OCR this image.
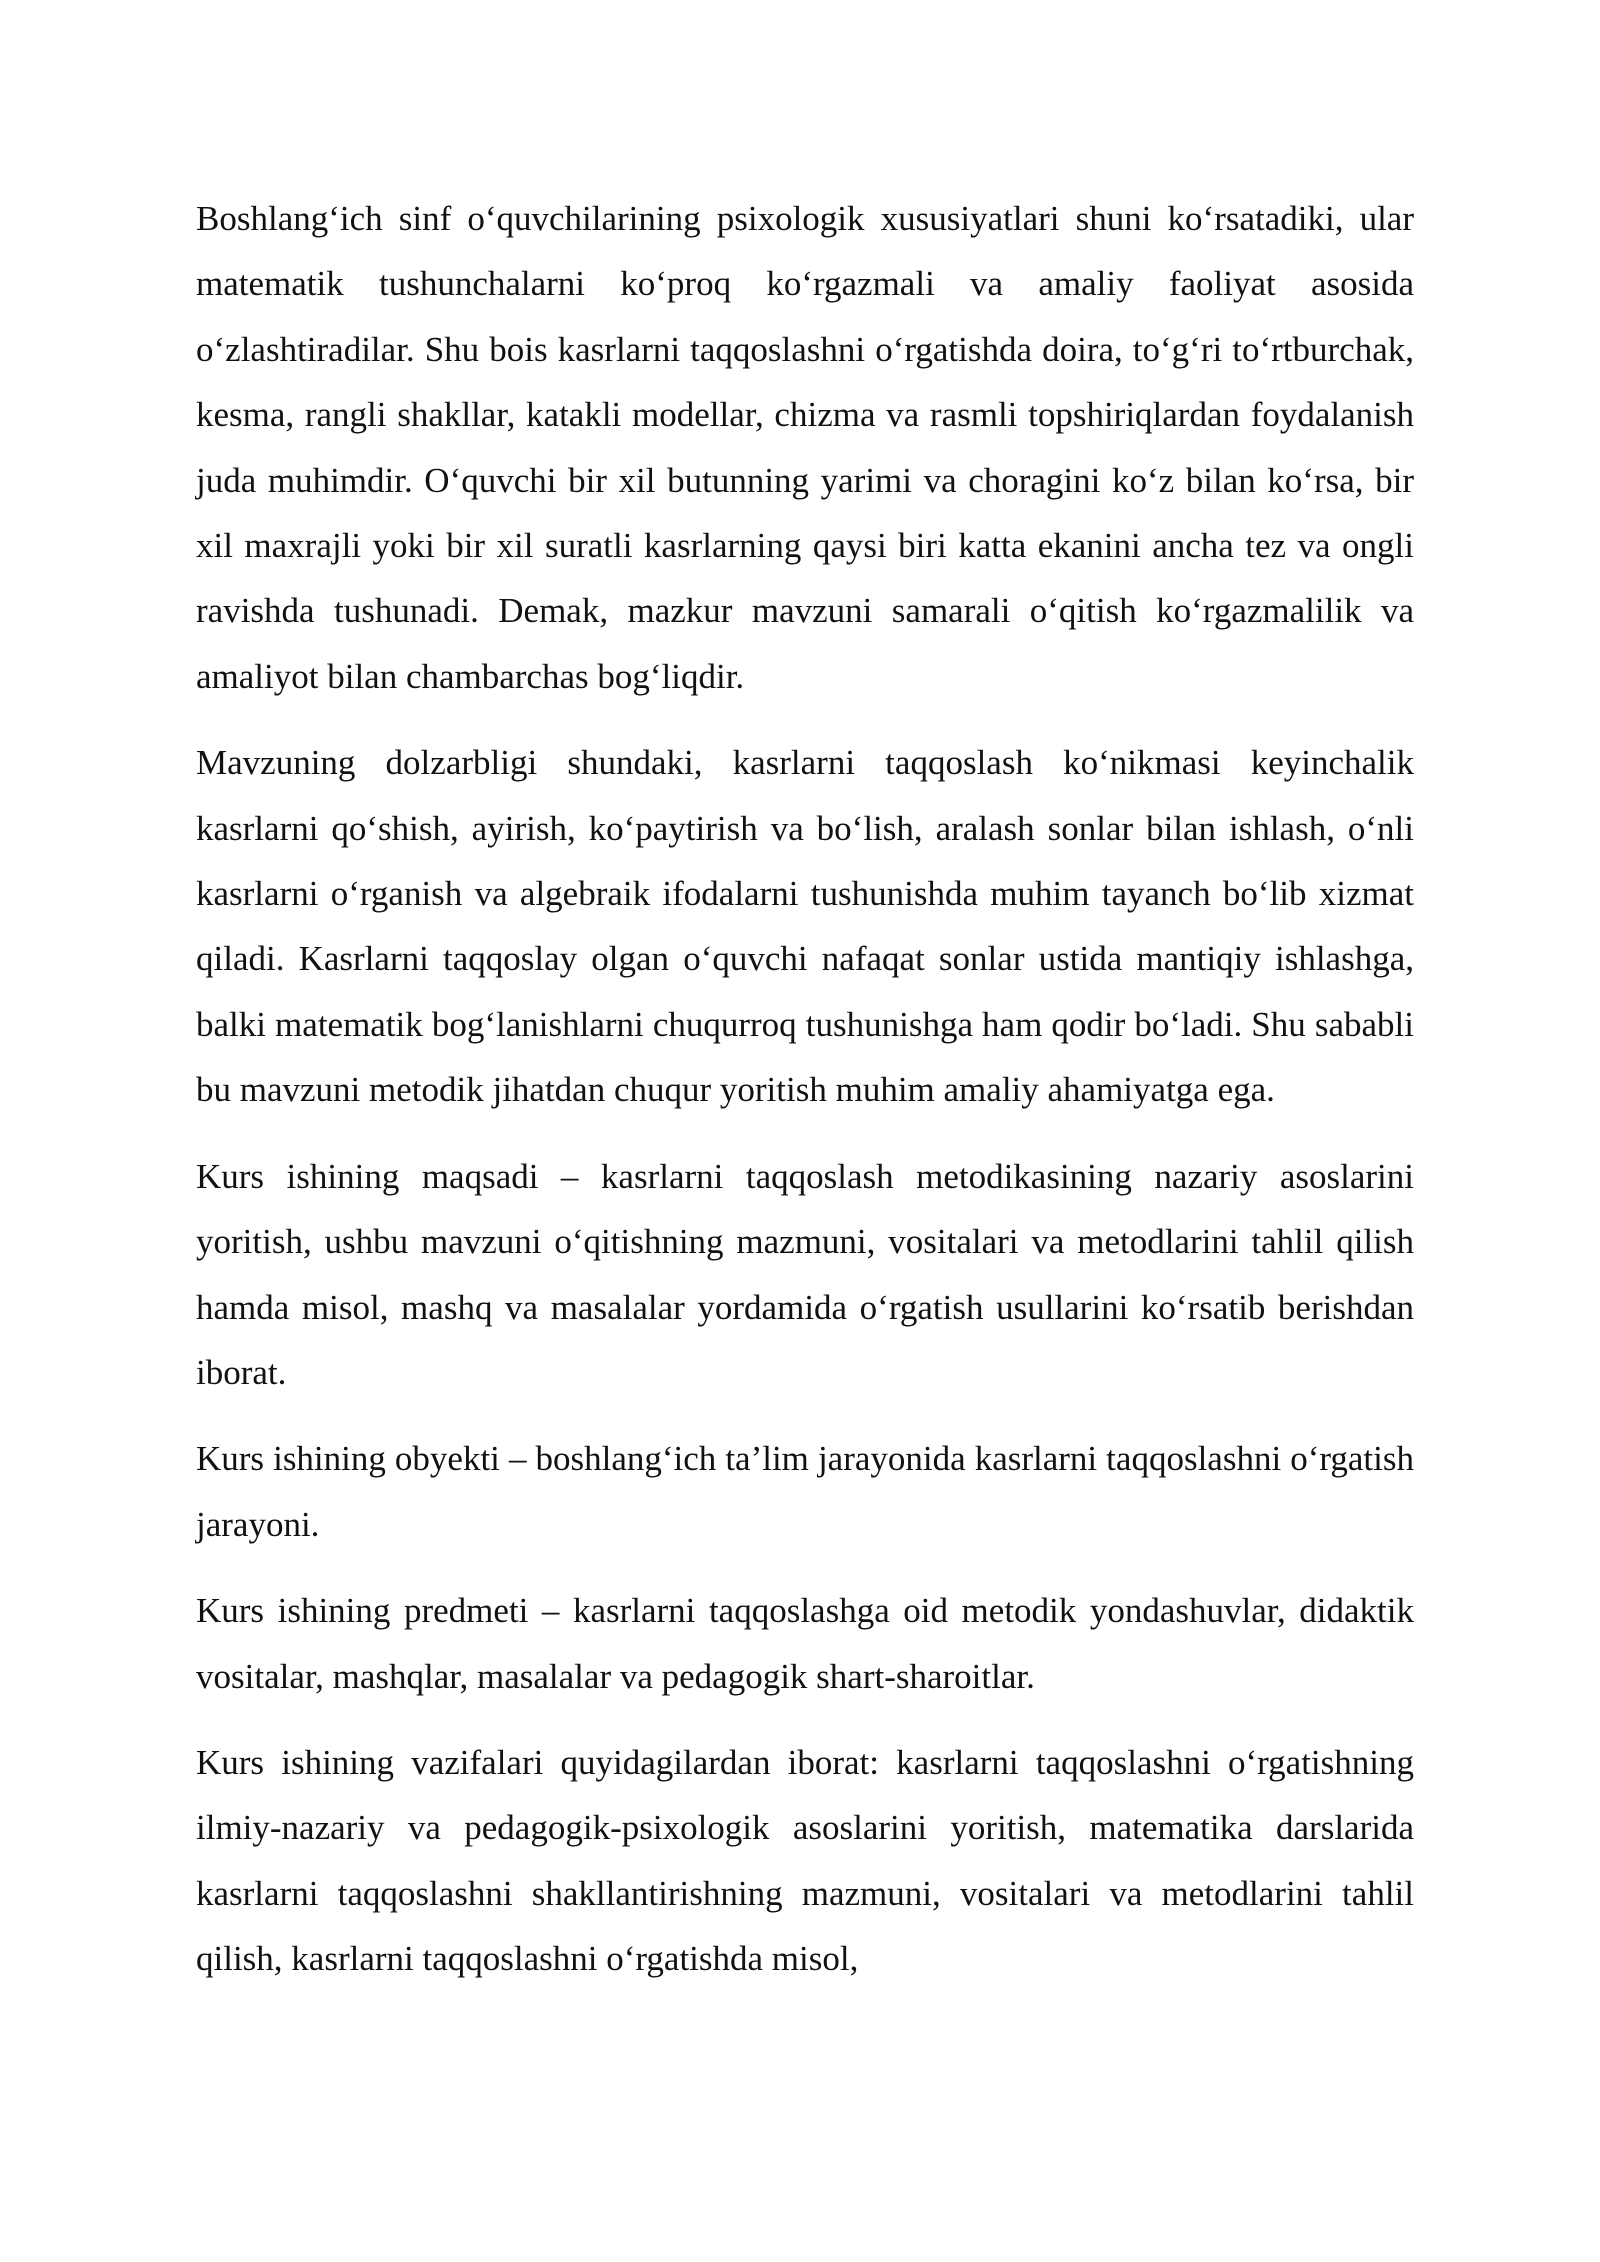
Boshlang‘ich sinf o‘quvchilarining psixologik xususiyatlari shuni ko‘rsatadiki, ular matematik tushunchalarni ko‘proq ko‘rgazmali va amaliy faoliyat asosida o‘zlashtiradilar. Shu bois kasrlarni taqqoslashni o‘rgatishda doira, to‘g‘ri to‘rtburchak, kesma, rangli shakllar, katakli modellar, chizma va rasmli topshiriqlardan foydalanish juda muhimdir. O‘quvchi bir xil butunning yarimi va choragini ko‘z bilan ko‘rsa, bir xil maxrajli yoki bir xil suratli kasrlarning qaysi biri katta ekanini ancha tez va ongli ravishda tushunadi. Demak, mazkur mavzuni samarali o‘qitish ko‘rgazmalilik va amaliyot bilan chambarchas bog‘liqdir.

Mavzuning dolzarbligi shundaki, kasrlarni taqqoslash ko‘nikmasi keyinchalik kasrlarni qo‘shish, ayirish, ko‘paytirish va bo‘lish, aralash sonlar bilan ishlash, o‘nli kasrlarni o‘rganish va algebraik ifodalarni tushunishda muhim tayanch bo‘lib xizmat qiladi. Kasrlarni taqqoslay olgan o‘quvchi nafaqat sonlar ustida mantiqiy ishlashga, balki matematik bog‘lanishlarni chuqurroq tushunishga ham qodir bo‘ladi. Shu sababli bu mavzuni metodik jihatdan chuqur yoritish muhim amaliy ahamiyatga ega.

Kurs ishining maqsadi – kasrlarni taqqoslash metodikasining nazariy asoslarini yoritish, ushbu mavzuni o‘qitishning mazmuni, vositalari va metodlarini tahlil qilish hamda misol, mashq va masalalar yordamida o‘rgatish usullarini ko‘rsatib berishdan iborat.

Kurs ishining obyekti – boshlang‘ich ta’lim jarayonida kasrlarni taqqoslashni o‘rgatish jarayoni.

Kurs ishining predmeti – kasrlarni taqqoslashga oid metodik yondashuvlar, didaktik vositalar, mashqlar, masalalar va pedagogik shart-sharoitlar.

Kurs ishining vazifalari quyidagilardan iborat: kasrlarni taqqoslashni o‘rgatishning ilmiy-nazariy va pedagogik-psixologik asoslarini yoritish, matematika darslarida kasrlarni taqqoslashni shakllantirishning mazmuni, vositalari va metodlarini tahlil qilish, kasrlarni taqqoslashni o‘rgatishda misol,
